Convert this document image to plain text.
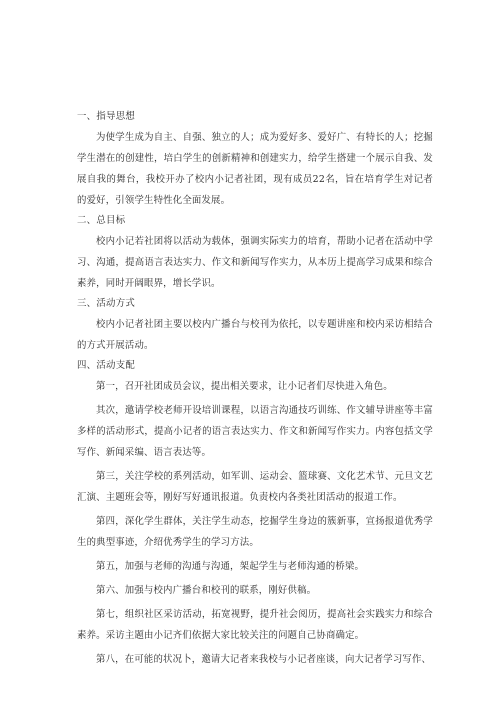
一、指导思想
为使学生成为自主、自强、独立的人；成为爱好多、爱好广、有特长的人；挖掘学生潜在的创建性，培白学生的创新精神和创建实力，给学生搭建一个展示自我、发展自我的舞台，我校开办了校内小记者社团，现有成员22名，旨在培育学生对记者的爱好，引领学生特性化全面发展。
二、总目标
校内小记若社团将以活动为载体，强调实际实力的培育，帮助小记者在活动中学习、沟通，提高语言表达实力、作文和新闻写作实力，从本历上提高学习成果和综合素养，同时开阔眼界，增长学识。
三、活动方式
校内小记者社团主要以校内广播台与校刊为依托，以专题讲座和校内采访相结合的方式开展活动。
四、活动支配
第一，召开社团成员会议，提出相关要求，让小记者们尽快进入角色。
其次，邀请学校老师开设培训课程，以语言沟通技巧训练、作文辅导讲座等丰富多样的活动形式，提高小记者的语言表达实力、作文和新闻写作实力。内容包括文学写作、新闻采编、语言表达等。
第三，关注学校的系列活动，如军训、运动会、篮球赛、文化艺术节、元旦文艺汇演、主题班会等，刚好写好通讯报道。负责校内各类社团活动的报道工作。
第四，深化学生群体，关注学生动态，挖掘学生身边的簇新事，宣扬报道优秀学生的典型事迹，介绍优秀学生的学习方法。
第五，加强与老师的沟通与沟通，架起学生与老师沟通的桥梁。
第六、加强与校内广播台和校刊的联系，刚好供稿。
第七，组织社区采访活动，拓宽视野，提升社会阅历，提高社会实践实力和综合素养。采访主题由小记齐们依据大家比较关注的问题自己协商确定。
第八，在可能的状况卜，邀请大记者来我校与小记者座谈，向大记者学习写作、
